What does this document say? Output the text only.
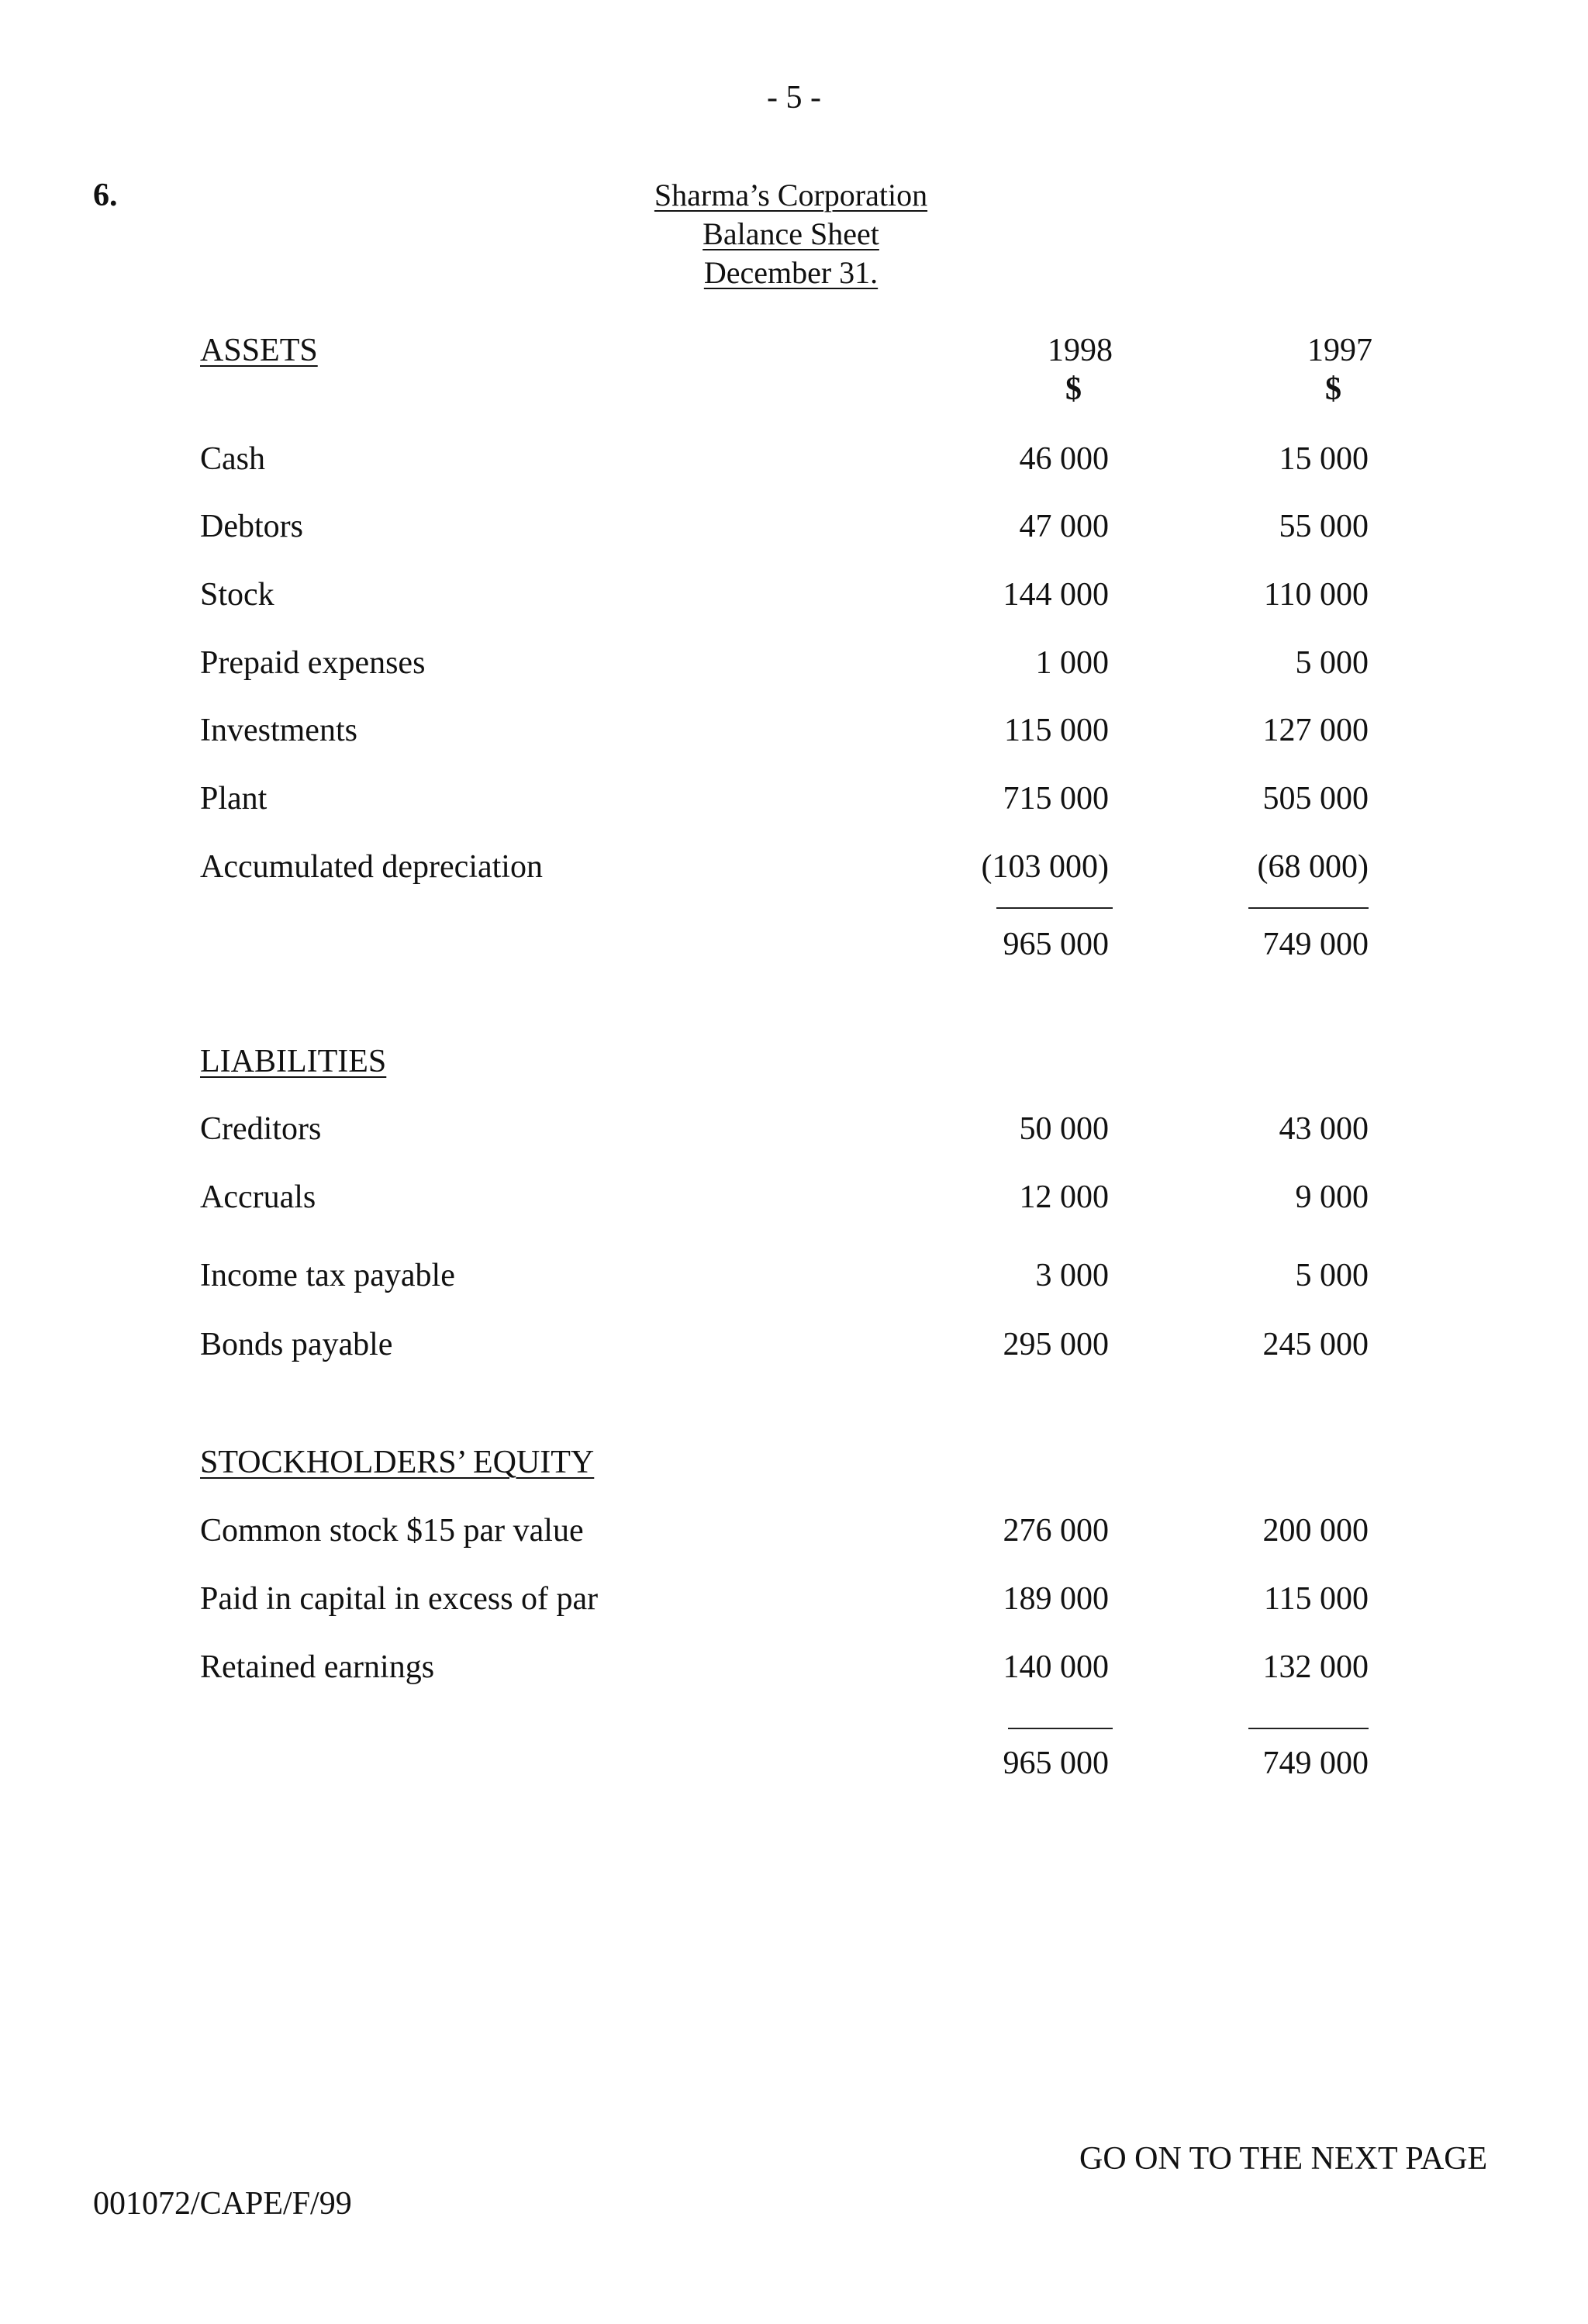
- 5 -
6.	Sharma’s Corporation
Balance Sheet
December 31.
1998	1997
$	$
ASSETS
Cash	46 000	15 000
Debtors	47 000	55 000
Stock	144 000	110 000
Prepaid expenses	1 000	5 000
Investments	115 000	127 000
Plant	715 000	505 000
Accumulated depreciation	(103 000)	(68 000)
965 000	749 000
LIABILITIES
Creditors	50 000	43 000
Accruals	12 000	9 000
Income tax payable	3 000	5 000
Bonds payable	295 000	245 000
STOCKHOLDERS’ EQUITY
Common stock $15 par value	276 000	200 000
Paid in capital in excess of par	189 000	115 000
Retained earnings	140 000	132 000
965 000	749 000
GO ON TO THE NEXT PAGE
001072/CAPE/F/99
